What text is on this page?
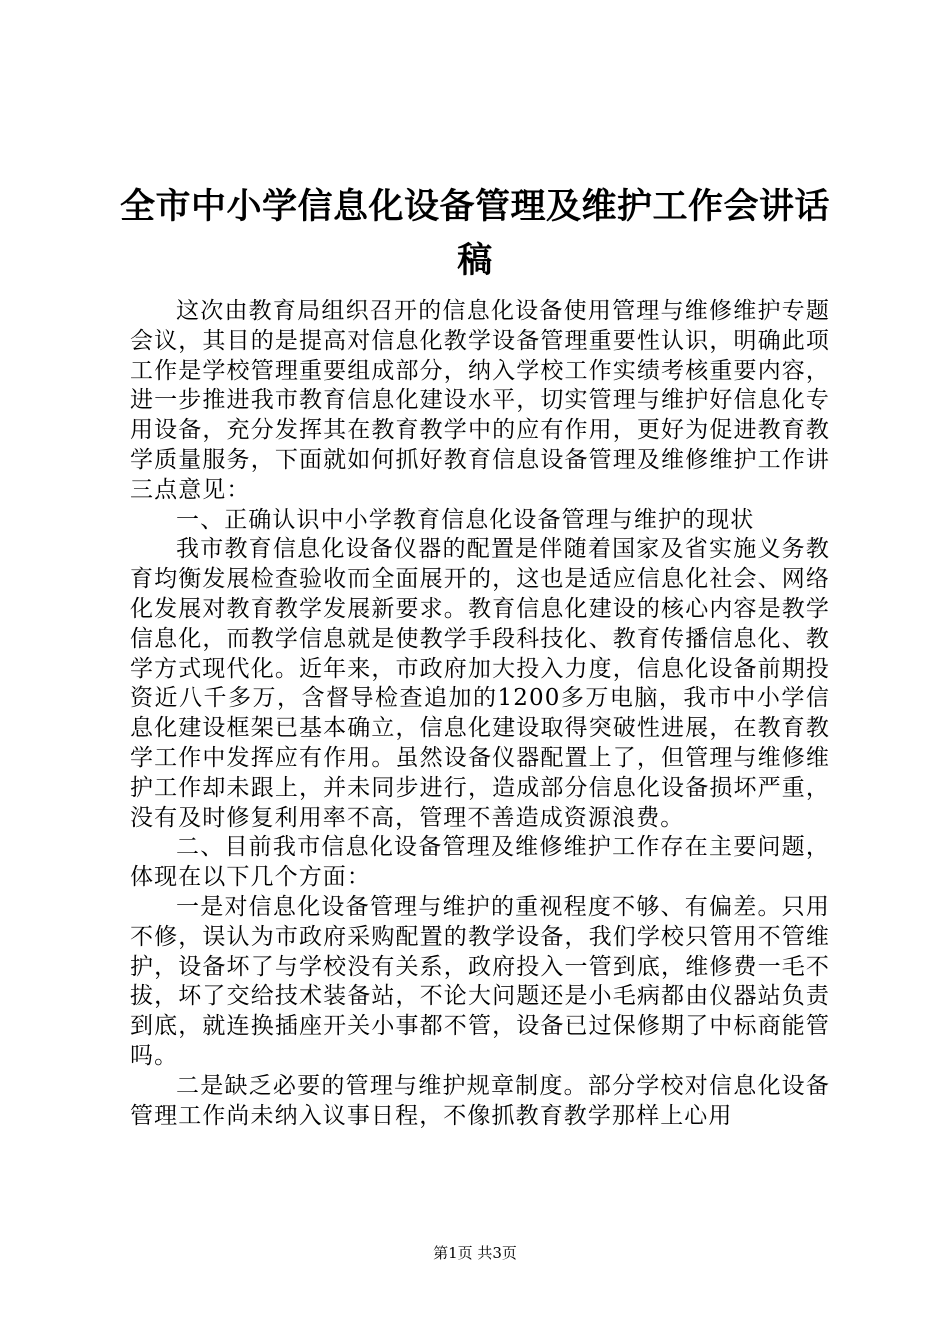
全市中小学信息化设备管理及维护工作会讲话稿

这次由教育局组织召开的信息化设备使用管理与维修维护专题会议，其目的是提高对信息化教学设备管理重要性认识，明确此项工作是学校管理重要组成部分，纳入学校工作实绩考核重要内容，进一步推进我市教育信息化建设水平，切实管理与维护好信息化专用设备，充分发挥其在教育教学中的应有作用，更好为促进教育教学质量服务，下面就如何抓好教育信息设备管理及维修维护工作讲三点意见：

一、正确认识中小学教育信息化设备管理与维护的现状

我市教育信息化设备仪器的配置是伴随着国家及省实施义务教育均衡发展检查验收而全面展开的，这也是适应信息化社会、网络化发展对教育教学发展新要求。教育信息化建设的核心内容是教学信息化，而教学信息就是使教学手段科技化、教育传播信息化、教学方式现代化。近年来，市政府加大投入力度，信息化设备前期投资近八千多万，含督导检查追加的1200多万电脑，我市中小学信息化建设框架已基本确立，信息化建设取得突破性进展，在教育教学工作中发挥应有作用。虽然设备仪器配置上了，但管理与维修维护工作却未跟上，并未同步进行，造成部分信息化设备损坏严重，没有及时修复利用率不高，管理不善造成资源浪费。

二、目前我市信息化设备管理及维修维护工作存在主要问题，体现在以下几个方面：

一是对信息化设备管理与维护的重视程度不够、有偏差。只用不修，误认为市政府采购配置的教学设备，我们学校只管用不管维护，设备坏了与学校没有关系，政府投入一管到底，维修费一毛不拔，坏了交给技术装备站，不论大问题还是小毛病都由仪器站负责到底，就连换插座开关小事都不管，设备已过保修期了中标商能管吗。

二是缺乏必要的管理与维护规章制度。部分学校对信息化设备管理工作尚未纳入议事日程，不像抓教育教学那样上心用

第1页 共3页
